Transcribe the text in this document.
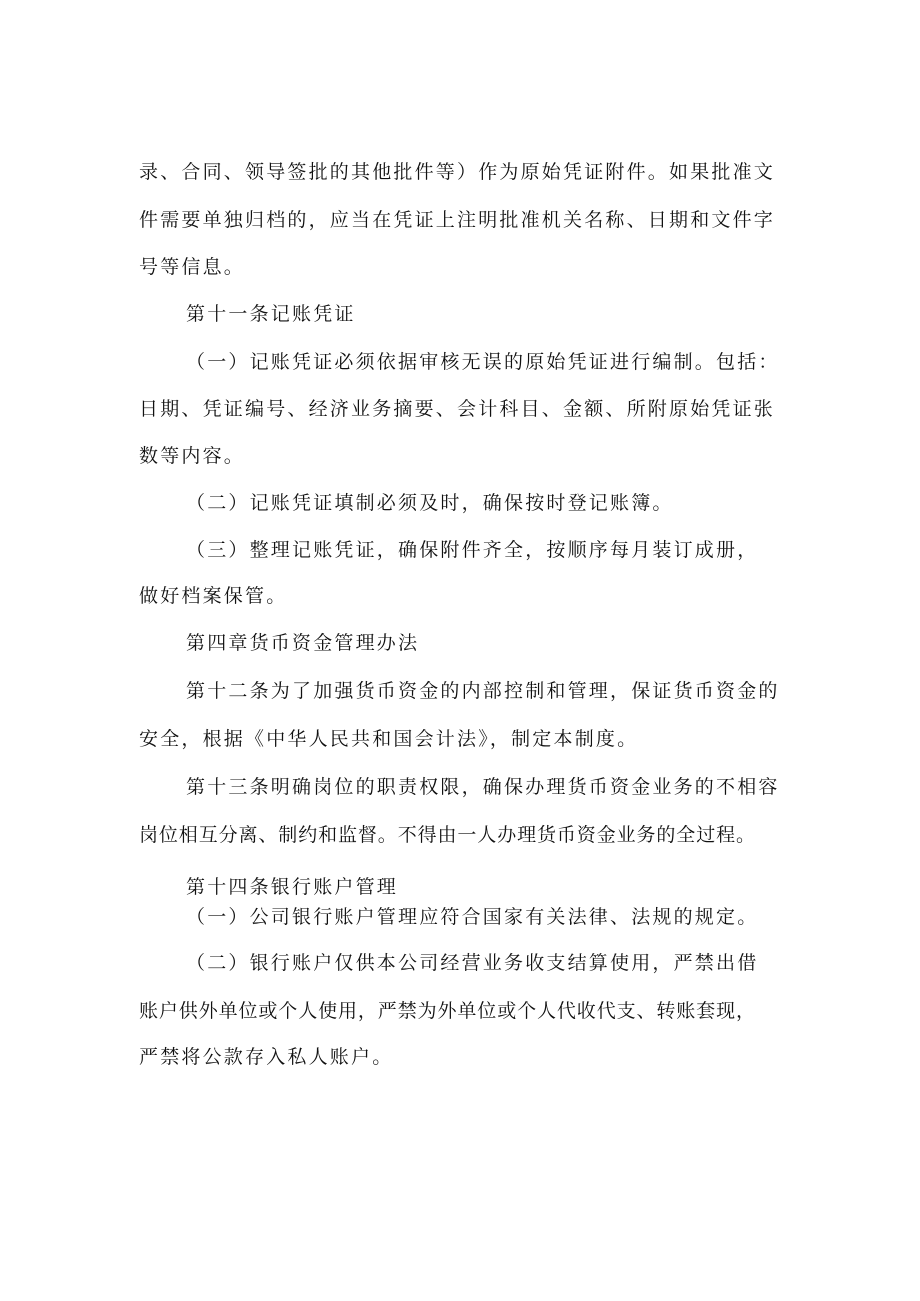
录、合同、领导签批的其他批件等）作为原始凭证附件。如果批准文
件需要单独归档的，应当在凭证上注明批准机关名称、日期和文件字
号等信息。
第十一条记账凭证
（一）记账凭证必须依据审核无误的原始凭证进行编制。包括：
日期、凭证编号、经济业务摘要、会计科目、金额、所附原始凭证张
数等内容。
（二）记账凭证填制必须及时，确保按时登记账簿。
（三）整理记账凭证，确保附件齐全，按顺序每月装订成册，
做好档案保管。
第四章货币资金管理办法
第十二条为了加强货币资金的内部控制和管理，保证货币资金的
安全，根据《中华人民共和国会计法》，制定本制度。
第十三条明确岗位的职责权限，确保办理货币资金业务的不相容
岗位相互分离、制约和监督。不得由一人办理货币资金业务的全过程。
第十四条银行账户管理
（一）公司银行账户管理应符合国家有关法律、法规的规定。
（二）银行账户仅供本公司经营业务收支结算使用，严禁出借
账户供外单位或个人使用，严禁为外单位或个人代收代支、转账套现，
严禁将公款存入私人账户。
